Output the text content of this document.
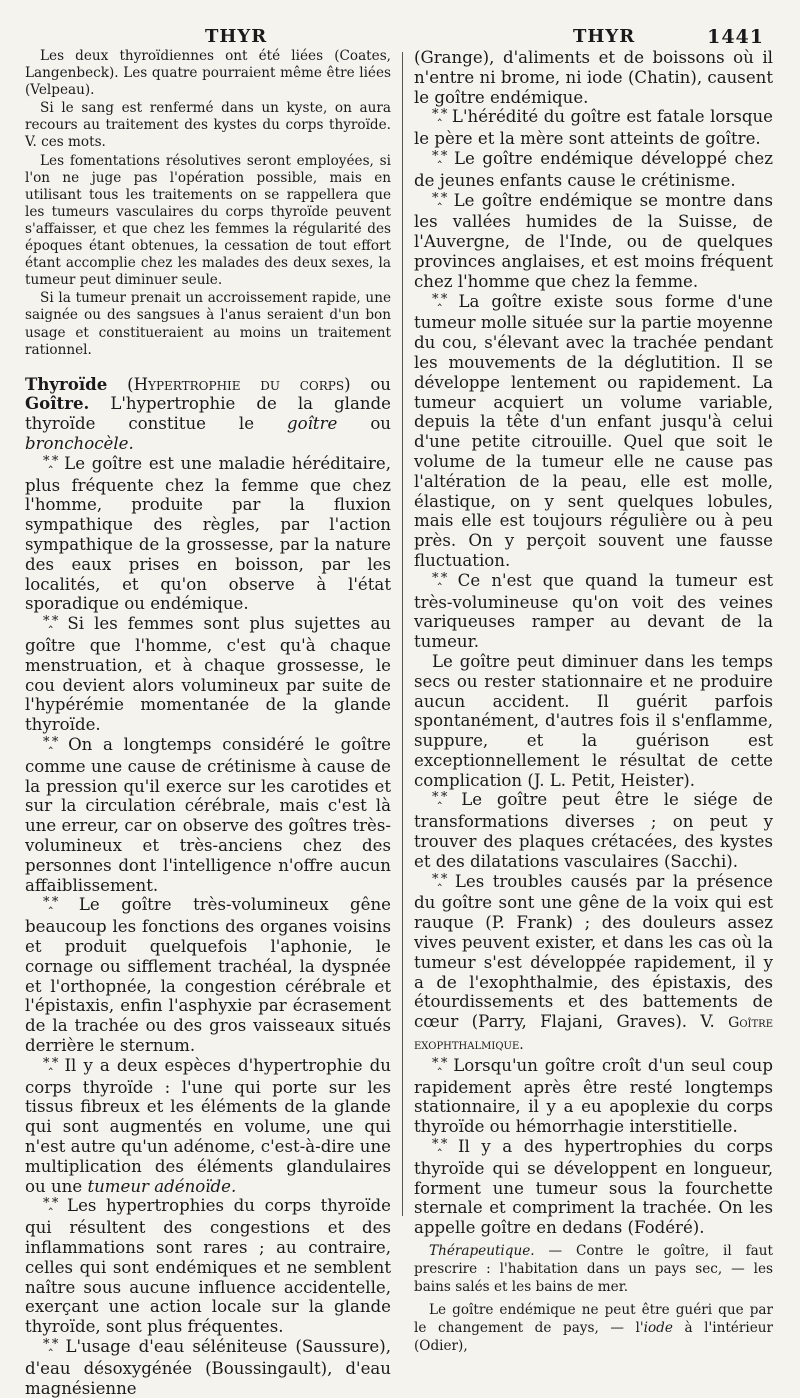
THYR	THYR	1441

Les deux thyroïdiennes ont été liées (Coates, Langenbeck). Les quatre pourraient même être liées (Velpeau).

Si le sang est renfermé dans un kyste, on aura recours au traitement des kystes du corps thyroïde. V. ces mots.

Les fomentations résolutives seront employées, si l'on ne juge pas l'opération possible, mais en utilisant tous les traitements on se rappellera que les tumeurs vasculaires du corps thyroïde peuvent s'affaisser, et que chez les femmes la régularité des époques étant obtenues, la cessation de tout effort étant accomplie chez les malades des deux sexes, la tumeur peut diminuer seule.

Si la tumeur prenait un accroissement rapide, une saignée ou des sangsues à l'anus seraient d'un bon usage et constitueraient au moins un traitement rationnel.

Thyroïde (Hypertrophie du corps) ou Goître. L'hypertrophie de la glande thyroïde constitue le goître ou bronchocèle.

*‸* Le goître est une maladie héréditaire, plus fréquente chez la femme que chez l'homme, produite par la fluxion sympathique des règles, par l'action sympathique de la grossesse, par la nature des eaux prises en boisson, par les localités, et qu'on observe à l'état sporadique ou endémique.

*‸* Si les femmes sont plus sujettes au goître que l'homme, c'est qu'à chaque menstruation, et à chaque grossesse, le cou devient alors volumineux par suite de l'hypérémie momentanée de la glande thyroïde.

*‸* On a longtemps considéré le goître comme une cause de crétinisme à cause de la pression qu'il exerce sur les carotides et sur la circulation cérébrale, mais c'est là une erreur, car on observe des goîtres très-volumineux et très-anciens chez des personnes dont l'intelligence n'offre aucun affaiblissement.

*‸* Le goître très-volumineux gêne beaucoup les fonctions des organes voisins et produit quelquefois l'aphonie, le cornage ou sifflement trachéal, la dyspnée et l'orthopnée, la congestion cérébrale et l'épistaxis, enfin l'asphyxie par écrasement de la trachée ou des gros vaisseaux situés derrière le sternum.

*‸* Il y a deux espèces d'hypertrophie du corps thyroïde : l'une qui porte sur les tissus fibreux et les éléments de la glande qui sont augmentés en volume, une qui n'est autre qu'un adénome, c'est-à-dire une multiplication des éléments glandulaires ou une tumeur adénoïde.

*‸* Les hypertrophies du corps thyroïde qui résultent des congestions et des inflammations sont rares ; au contraire, celles qui sont endémiques et ne semblent naître sous aucune influence accidentelle, exerçant une action locale sur la glande thyroïde, sont plus fréquentes.

*‸* L'usage d'eau séléniteuse (Saussure), d'eau désoxygénée (Boussingault), d'eau magnésienne

(Grange), d'aliments et de boissons où il n'entre ni brome, ni iode (Chatin), causent le goître endémique.

*‸* L'hérédité du goître est fatale lorsque le père et la mère sont atteints de goître.

*‸* Le goître endémique développé chez de jeunes enfants cause le crétinisme.

*‸* Le goître endémique se montre dans les vallées humides de la Suisse, de l'Auvergne, de l'Inde, ou de quelques provinces anglaises, et est moins fréquent chez l'homme que chez la femme.

*‸* La goître existe sous forme d'une tumeur molle située sur la partie moyenne du cou, s'élevant avec la trachée pendant les mouvements de la déglutition. Il se développe lentement ou rapidement. La tumeur acquiert un volume variable, depuis la tête d'un enfant jusqu'à celui d'une petite citrouille. Quel que soit le volume de la tumeur elle ne cause pas l'altération de la peau, elle est molle, élastique, on y sent quelques lobules, mais elle est toujours régulière ou à peu près. On y perçoit souvent une fausse fluctuation.

*‸* Ce n'est que quand la tumeur est très-volumineuse qu'on voit des veines variqueuses ramper au devant de la tumeur.

Le goître peut diminuer dans les temps secs ou rester stationnaire et ne produire aucun accident. Il guérit parfois spontanément, d'autres fois il s'enflamme, suppure, et la guérison est exceptionnellement le résultat de cette complication (J. L. Petit, Heister).

*‸* Le goître peut être le siége de transformations diverses ; on peut y trouver des plaques crétacées, des kystes et des dilatations vasculaires (Sacchi).

*‸* Les troubles causés par la présence du goître sont une gêne de la voix qui est rauque (P. Frank) ; des douleurs assez vives peuvent exister, et dans les cas où la tumeur s'est développée rapidement, il y a de l'exophthalmie, des épistaxis, des étourdissements et des battements de cœur (Parry, Flajani, Graves). V. Goître exophthalmique.

*‸* Lorsqu'un goître croît d'un seul coup rapidement après être resté longtemps stationnaire, il y a eu apoplexie du corps thyroïde ou hémorrhagie interstitielle.

*‸* Il y a des hypertrophies du corps thyroïde qui se développent en longueur, forment une tumeur sous la fourchette sternale et compriment la trachée. On les appelle goître en dedans (Fodéré).

Thérapeutique. — Contre le goître, il faut prescrire : l'habitation dans un pays sec, — les bains salés et les bains de mer.

Le goître endémique ne peut être guéri que par le changement de pays, — l'iode à l'intérieur (Odier),
